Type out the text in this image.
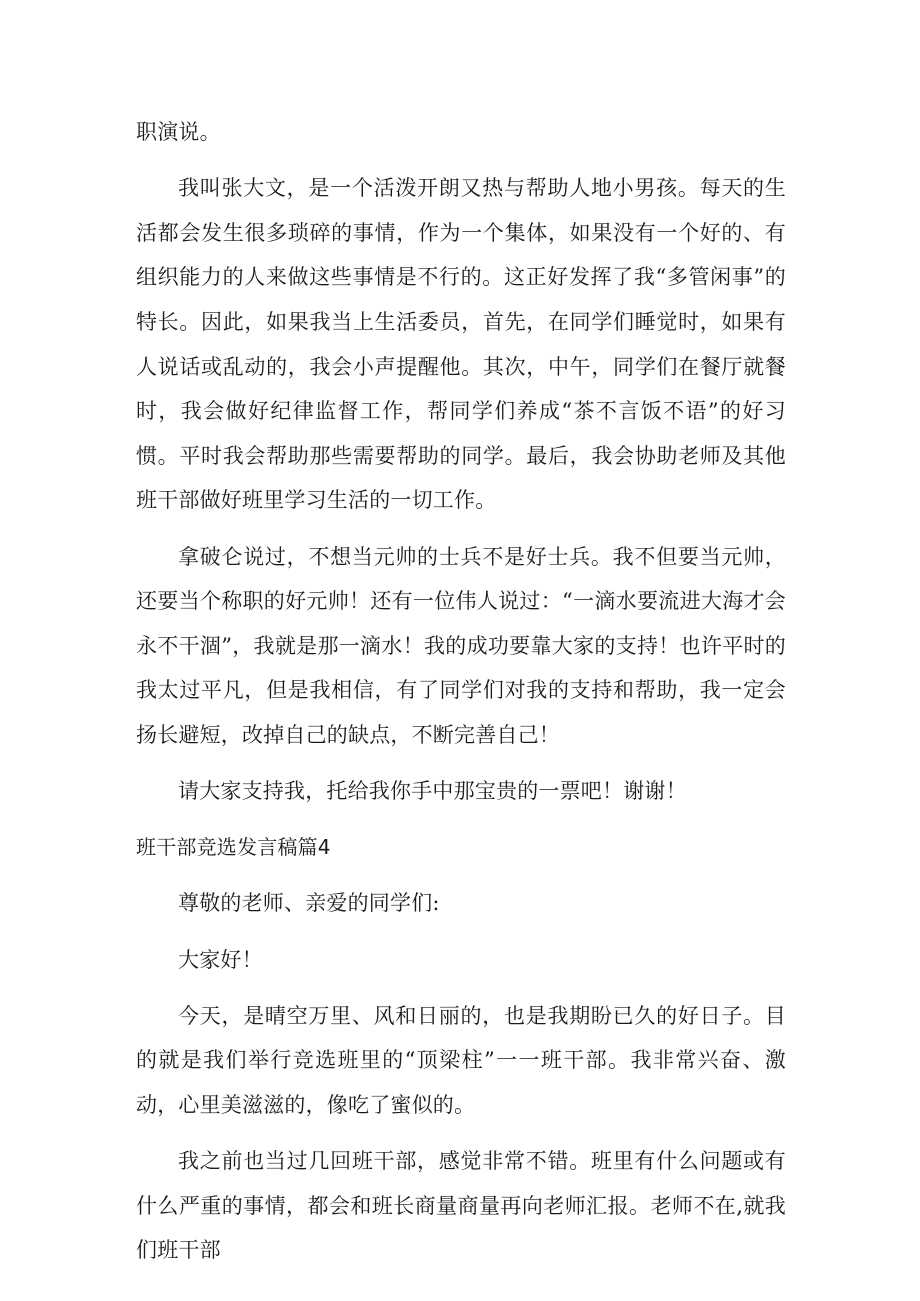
职演说。

我叫张大文，是一个活泼开朗又热与帮助人地小男孩。每天的生活都会发生很多琐碎的事情，作为一个集体，如果没有一个好的、有组织能力的人来做这些事情是不行的。这正好发挥了我“多管闲事”的特长。因此，如果我当上生活委员，首先，在同学们睡觉时，如果有人说话或乱动的，我会小声提醒他。其次，中午，同学们在餐厅就餐时，我会做好纪律监督工作，帮同学们养成“茶不言饭不语”的好习惯。平时我会帮助那些需要帮助的同学。最后，我会协助老师及其他班干部做好班里学习生活的一切工作。

拿破仑说过，不想当元帅的士兵不是好士兵。我不但要当元帅，还要当个称职的好元帅！还有一位伟人说过：“一滴水要流进大海才会永不干涸”，我就是那一滴水！我的成功要靠大家的支持！也许平时的我太过平凡，但是我相信，有了同学们对我的支持和帮助，我一定会扬长避短，改掉自己的缺点，不断完善自己！

请大家支持我，托给我你手中那宝贵的一票吧！谢谢！

班干部竞选发言稿篇4

尊敬的老师、亲爱的同学们:

大家好！

今天，是晴空万里、风和日丽的，也是我期盼已久的好日子。目的就是我们举行竞选班里的“顶梁柱”一一班干部。我非常兴奋、激动，心里美滋滋的，像吃了蜜似的。

我之前也当过几回班干部，感觉非常不错。班里有什么问题或有什么严重的事情，都会和班长商量商量再向老师汇报。老师不在,就我们班干部
